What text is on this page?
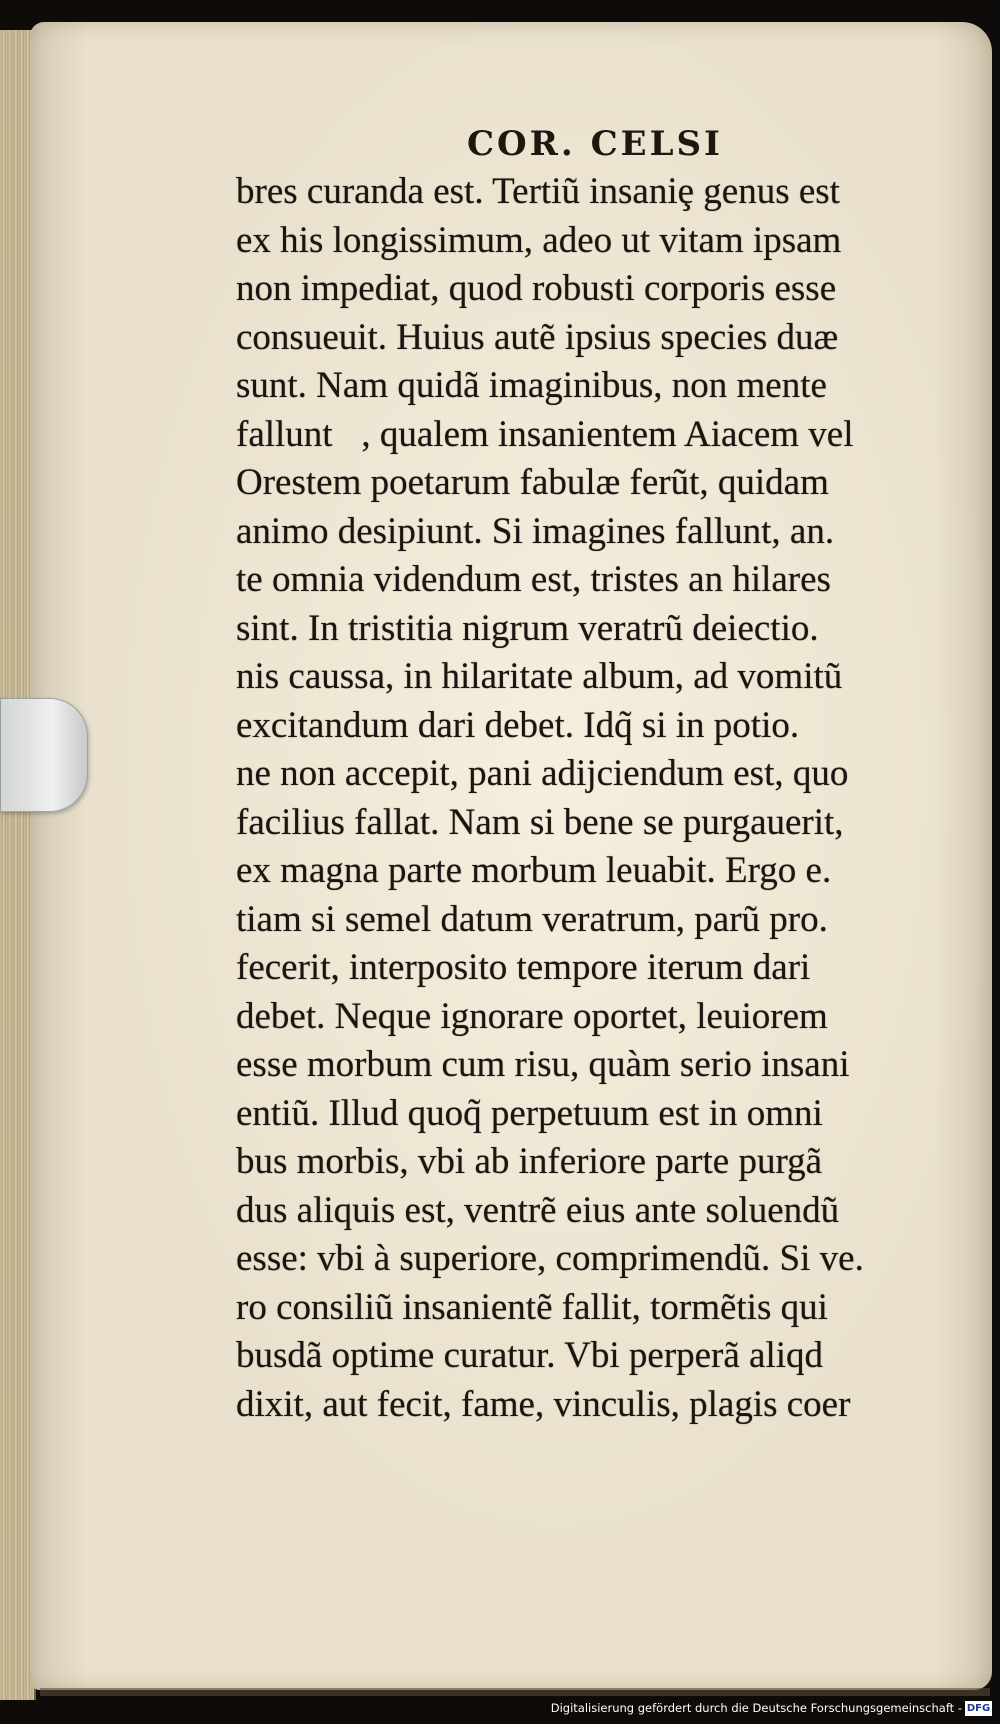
COR. CELSI
bres curanda est. Tertiũ insaniȩ genus est
ex his longissimum, adeo ut vitam ipsam
non impediat, quod robusti corporis esse
consueuit. Huius autẽ ipsius species duæ
sunt. Nam quidã imaginibus, non mente
falluntᷣ, qualem insanientem Aiacem vel
Orestem poetarum fabulæ ferũt, quidam
animo desipiunt. Si imagines fallunt, an.
te omnia videndum est, tristes an hilares
sint. In tristitia nigrum veratrũ deiectio.
nis caussa, in hilaritate album, ad vomitũ
excitandum dari debet. Idq̃ si in potio.
ne non accepit, pani adijciendum est, quo
facilius fallat. Nam si bene se purgauerit,
ex magna parte morbum leuabit. Ergo e.
tiam si semel datum veratrum, parũ pro.
fecerit, interposito tempore iterum dari
debet. Neque ignorare oportet, leuiorem
esse morbum cum risu, quàm serio insani
entiũ. Illud quoq̃ perpetuum est in omni
bus morbis, vbi ab inferiore parte purgã
dus aliquis est, ventrẽ eius ante soluendũ
esse: vbi à superiore, comprimendũ. Si ve.
ro consiliũ insanientẽ fallit, tormẽtis qui
busdã optime curatur. Vbi perperã aliqd
dixit, aut fecit, fame, vinculis, plagis coer
Digitalisierung gefördert durch die Deutsche Forschungsgemeinschaft - DFG
